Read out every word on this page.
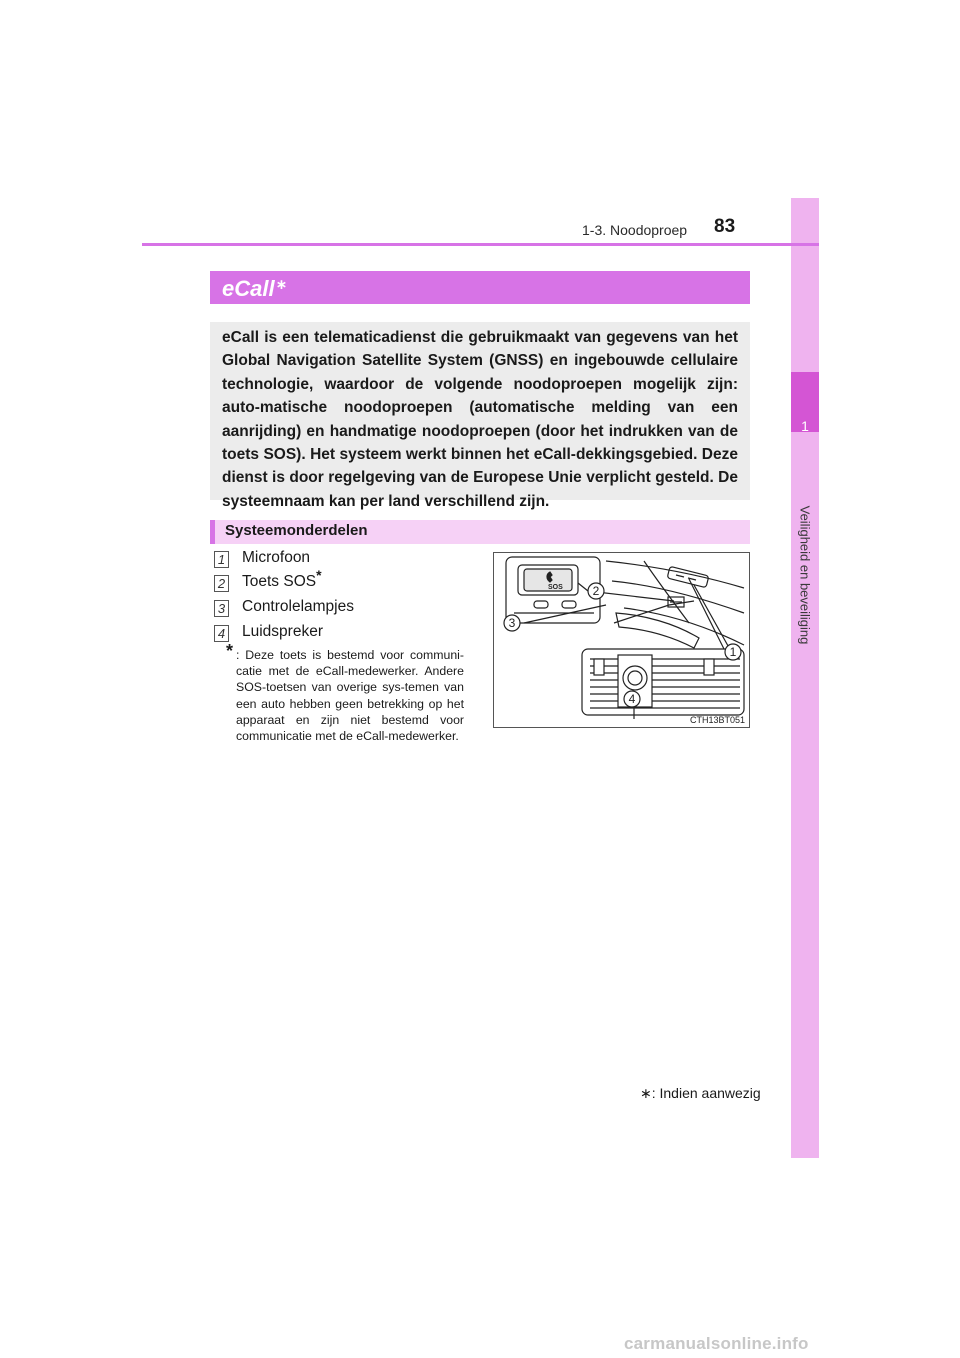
1
Veiligheid en beveiliging
1-3. Noodoproep 83
eCall∗

eCall is een telematicadienst die gebruikmaakt van gegevens van het Global Navigation Satellite System (GNSS) en ingebouwde cellulaire technologie, waardoor de volgende noodoproepen mogelijk zijn: auto-matische noodoproepen (automatische melding van een aanrijding) en handmatige noodoproepen (door het indrukken van de toets SOS). Het systeem werkt binnen het eCall-dekkingsgebied. Deze dienst is door regelgeving van de Europese Unie verplicht gesteld. De systeemnaam kan per land verschillend zijn.

Systeemonderdelen
1 Microfoon
2 Toets SOS*
3 Controlelampjes
4 Luidspreker
* : Deze toets is bestemd voor communi-catie met de eCall-medewerker. Andere SOS-toetsen van overige sys-temen van een auto hebben geen betrekking op het apparaat en zijn niet bestemd voor communicatie met de eCall-medewerker.

SOS
1
2
3
4
CTH13BT051
∗: Indien aanwezig
carmanualsonline.info
